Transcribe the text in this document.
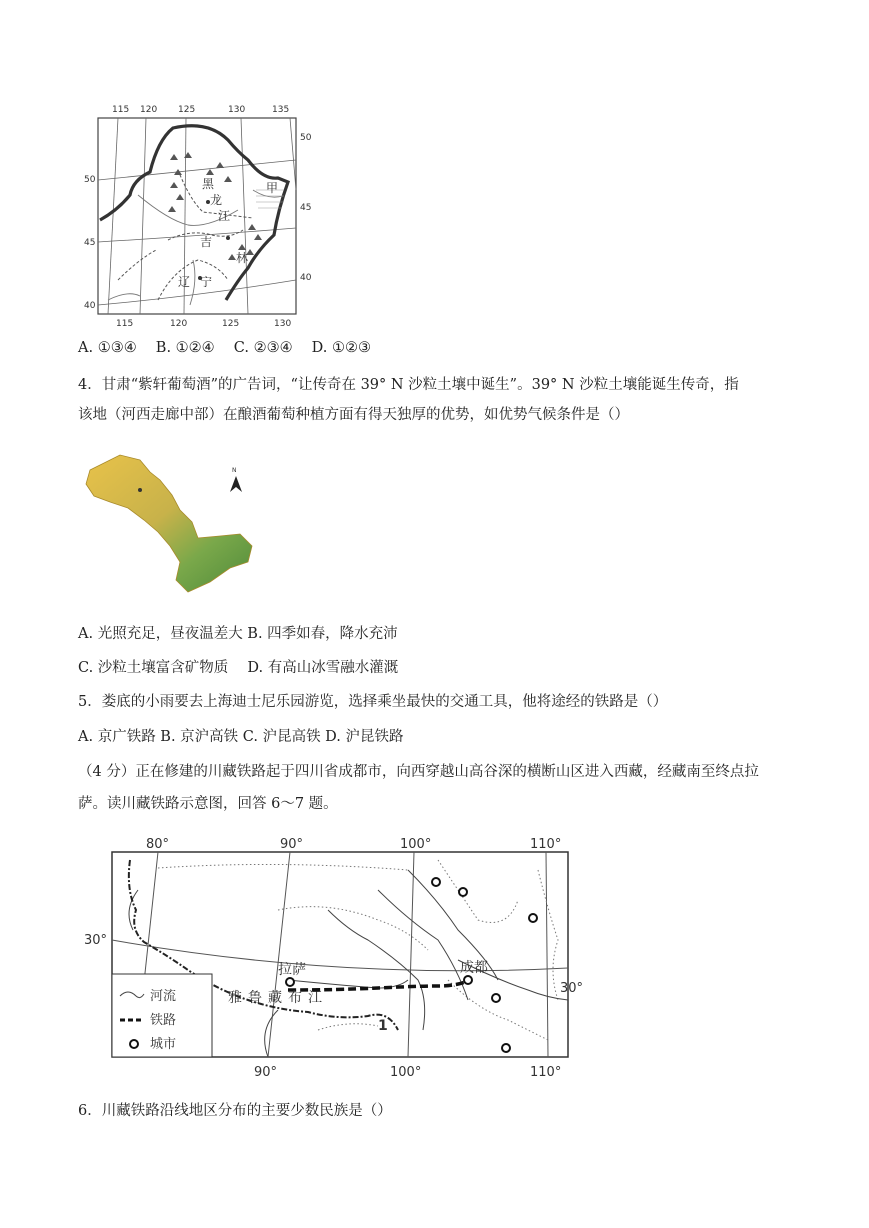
115 120 125	130	135
115	120	125	130
50
45
40
50
45
40
黑
龙
江
吉
林
辽 宁
甲
A. ①③④　 B. ①②④　 C. ②③④　 D. ①②③
4．甘肃“紫轩葡萄酒”的广告词，“让传奇在 39° N 沙粒土壤中诞生”。39° N 沙粒土壤能诞生传奇，指
该地（河西走廊中部）在酿酒葡萄种植方面有得天独厚的优势，如优势气候条件是（）
N
A. 光照充足，昼夜温差大 B. 四季如春，降水充沛
C. 沙粒土壤富含矿物质　 D. 有高山冰雪融水灌溉
5．娄底的小雨要去上海迪士尼乐园游览，选择乘坐最快的交通工具，他将途经的铁路是（）
A. 京广铁路 B. 京沪高铁 C. 沪昆高铁 D. 沪昆铁路
（4 分）正在修建的川藏铁路起于四川省成都市，向西穿越山高谷深的横断山区进入西藏，经藏南至终点拉
萨。读川藏铁路示意图，回答 6～7 题。
河流
铁路
城市
80°	90°	100°	110°
90°	100°	110°
30°
30°
拉萨	成都
雅鲁藏布江
1
6．川藏铁路沿线地区分布的主要少数民族是（）
